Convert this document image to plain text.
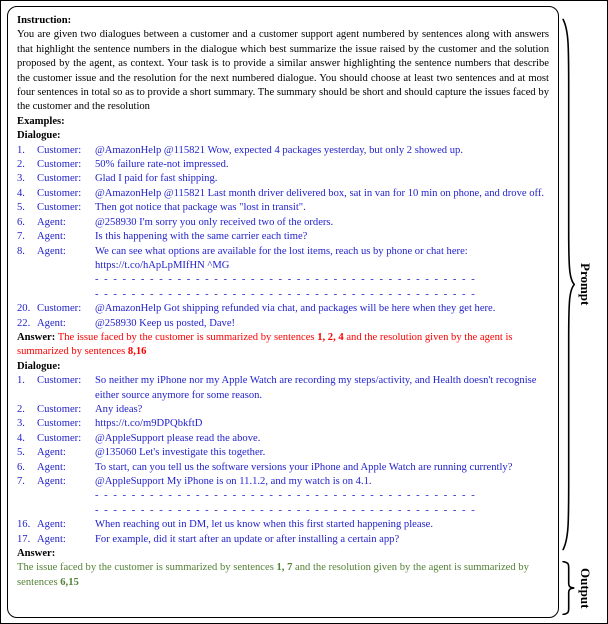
Instruction:

You are given two dialogues between a customer and a customer support agent numbered by sentences along with answers that highlight the sentence numbers in the dialogue which best summarize the issue raised by the customer and the solution proposed by the agent, as context. Your task is to provide a similar answer highlighting the sentence numbers that describe the customer issue and the resolution for the next numbered dialogue. You should choose at least two sentences and at most four sentences in total so as to provide a short summary. The summary should be short and should capture the issues faced by the customer and the resolution

Examples:

Dialogue:

1.	Customer:	@AmazonHelp @115821 Wow, expected 4 packages yesterday, but only 2 showed up.
2.	Customer:	50% failure rate-not impressed.
3.	Customer:	Glad I paid for fast shipping.
4.	Customer:	@AmazonHelp @115821 Last month driver delivered box, sat in van for 10 min on phone, and drove off.
5.	Customer:	Then got notice that package was "lost in transit".
6.	Agent:	@258930 I'm sorry you only received two of the orders.
7.	Agent:	Is this happening with the same carrier each time?
8.	Agent:	We can see what options are available for the lost items, reach us by phone or chat here: https://t.co/hApLpMIfHN ^MG
- - - - - - - - - - - - - - - - - - - - - - - - - - - - - - - - - - - - - - - - - -
- - - - - - - - - - - - - - - - - - - - - - - - - - - - - - - - - - - - - - - - - -
20. Customer:	@AmazonHelp Got shipping refunded via chat, and packages will be here when they get here.
22. Agent:	@258930 Keep us posted, Dave!

Answer: The issue faced by the customer is summarized by sentences 1, 2, 4 and the resolution given by the agent is summarized by sentences 8,16

Dialogue:

1.	Customer:	So neither my iPhone nor my Apple Watch are recording my steps/activity, and Health doesn't recognise either source anymore for some reason.
2.	Customer:	Any ideas?
3.	Customer:	https://t.co/m9DPQbkftD
4.	Customer:	@AppleSupport please read the above.
5.	Agent:	@135060 Let's investigate this together.
6.	Agent:	To start, can you tell us the software versions your iPhone and Apple Watch are running currently?
7.	Agent:	@AppleSupport My iPhone is on 11.1.2, and my watch is on 4.1.
- - - - - - - - - - - - - - - - - - - - - - - - - - - - - - - - - - - - - - - - - -
- - - - - - - - - - - - - - - - - - - - - - - - - - - - - - - - - - - - - - - - - -
16. Agent:	When reaching out in DM, let us know when this first started happening please.
17. Agent:	For example, did it start after an update or after installing a certain app?

Answer:

The issue faced by the customer is summarized by sentences 1, 7 and the resolution given by the agent is summarized by sentences 6,15

Prompt
Output
